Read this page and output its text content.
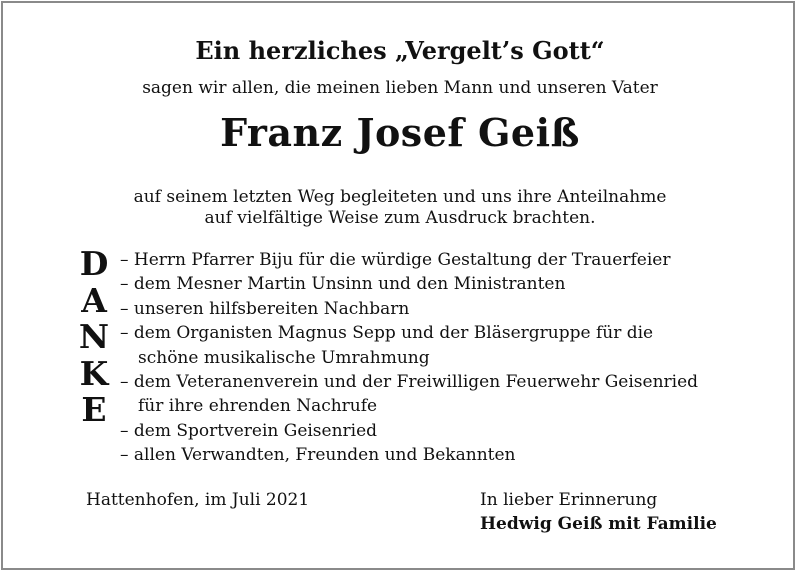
Ein herzliches „Vergelt’s Gott“
sagen wir allen, die meinen lieben Mann und unseren Vater
Franz Josef Geiß
auf seinem letzten Weg begleiteten und uns ihre Anteilnahme
auf vielfältige Weise zum Ausdruck brachten.
D
A
N
K
E
– Herrn Pfarrer Biju für die würdige Gestaltung der Trauerfeier
– dem Mesner Martin Unsinn und den Ministranten
– unseren hilfsbereiten Nachbarn
– dem Organisten Magnus Sepp und der Bläsergruppe für die
schöne musikalische Umrahmung
– dem Veteranenverein und der Freiwilligen Feuerwehr Geisenried
für ihre ehrenden Nachrufe
– dem Sportverein Geisenried
– allen Verwandten, Freunden und Bekannten
Hattenhofen, im Juli 2021	In lieber Erinnerung
Hedwig Geiß mit Familie
